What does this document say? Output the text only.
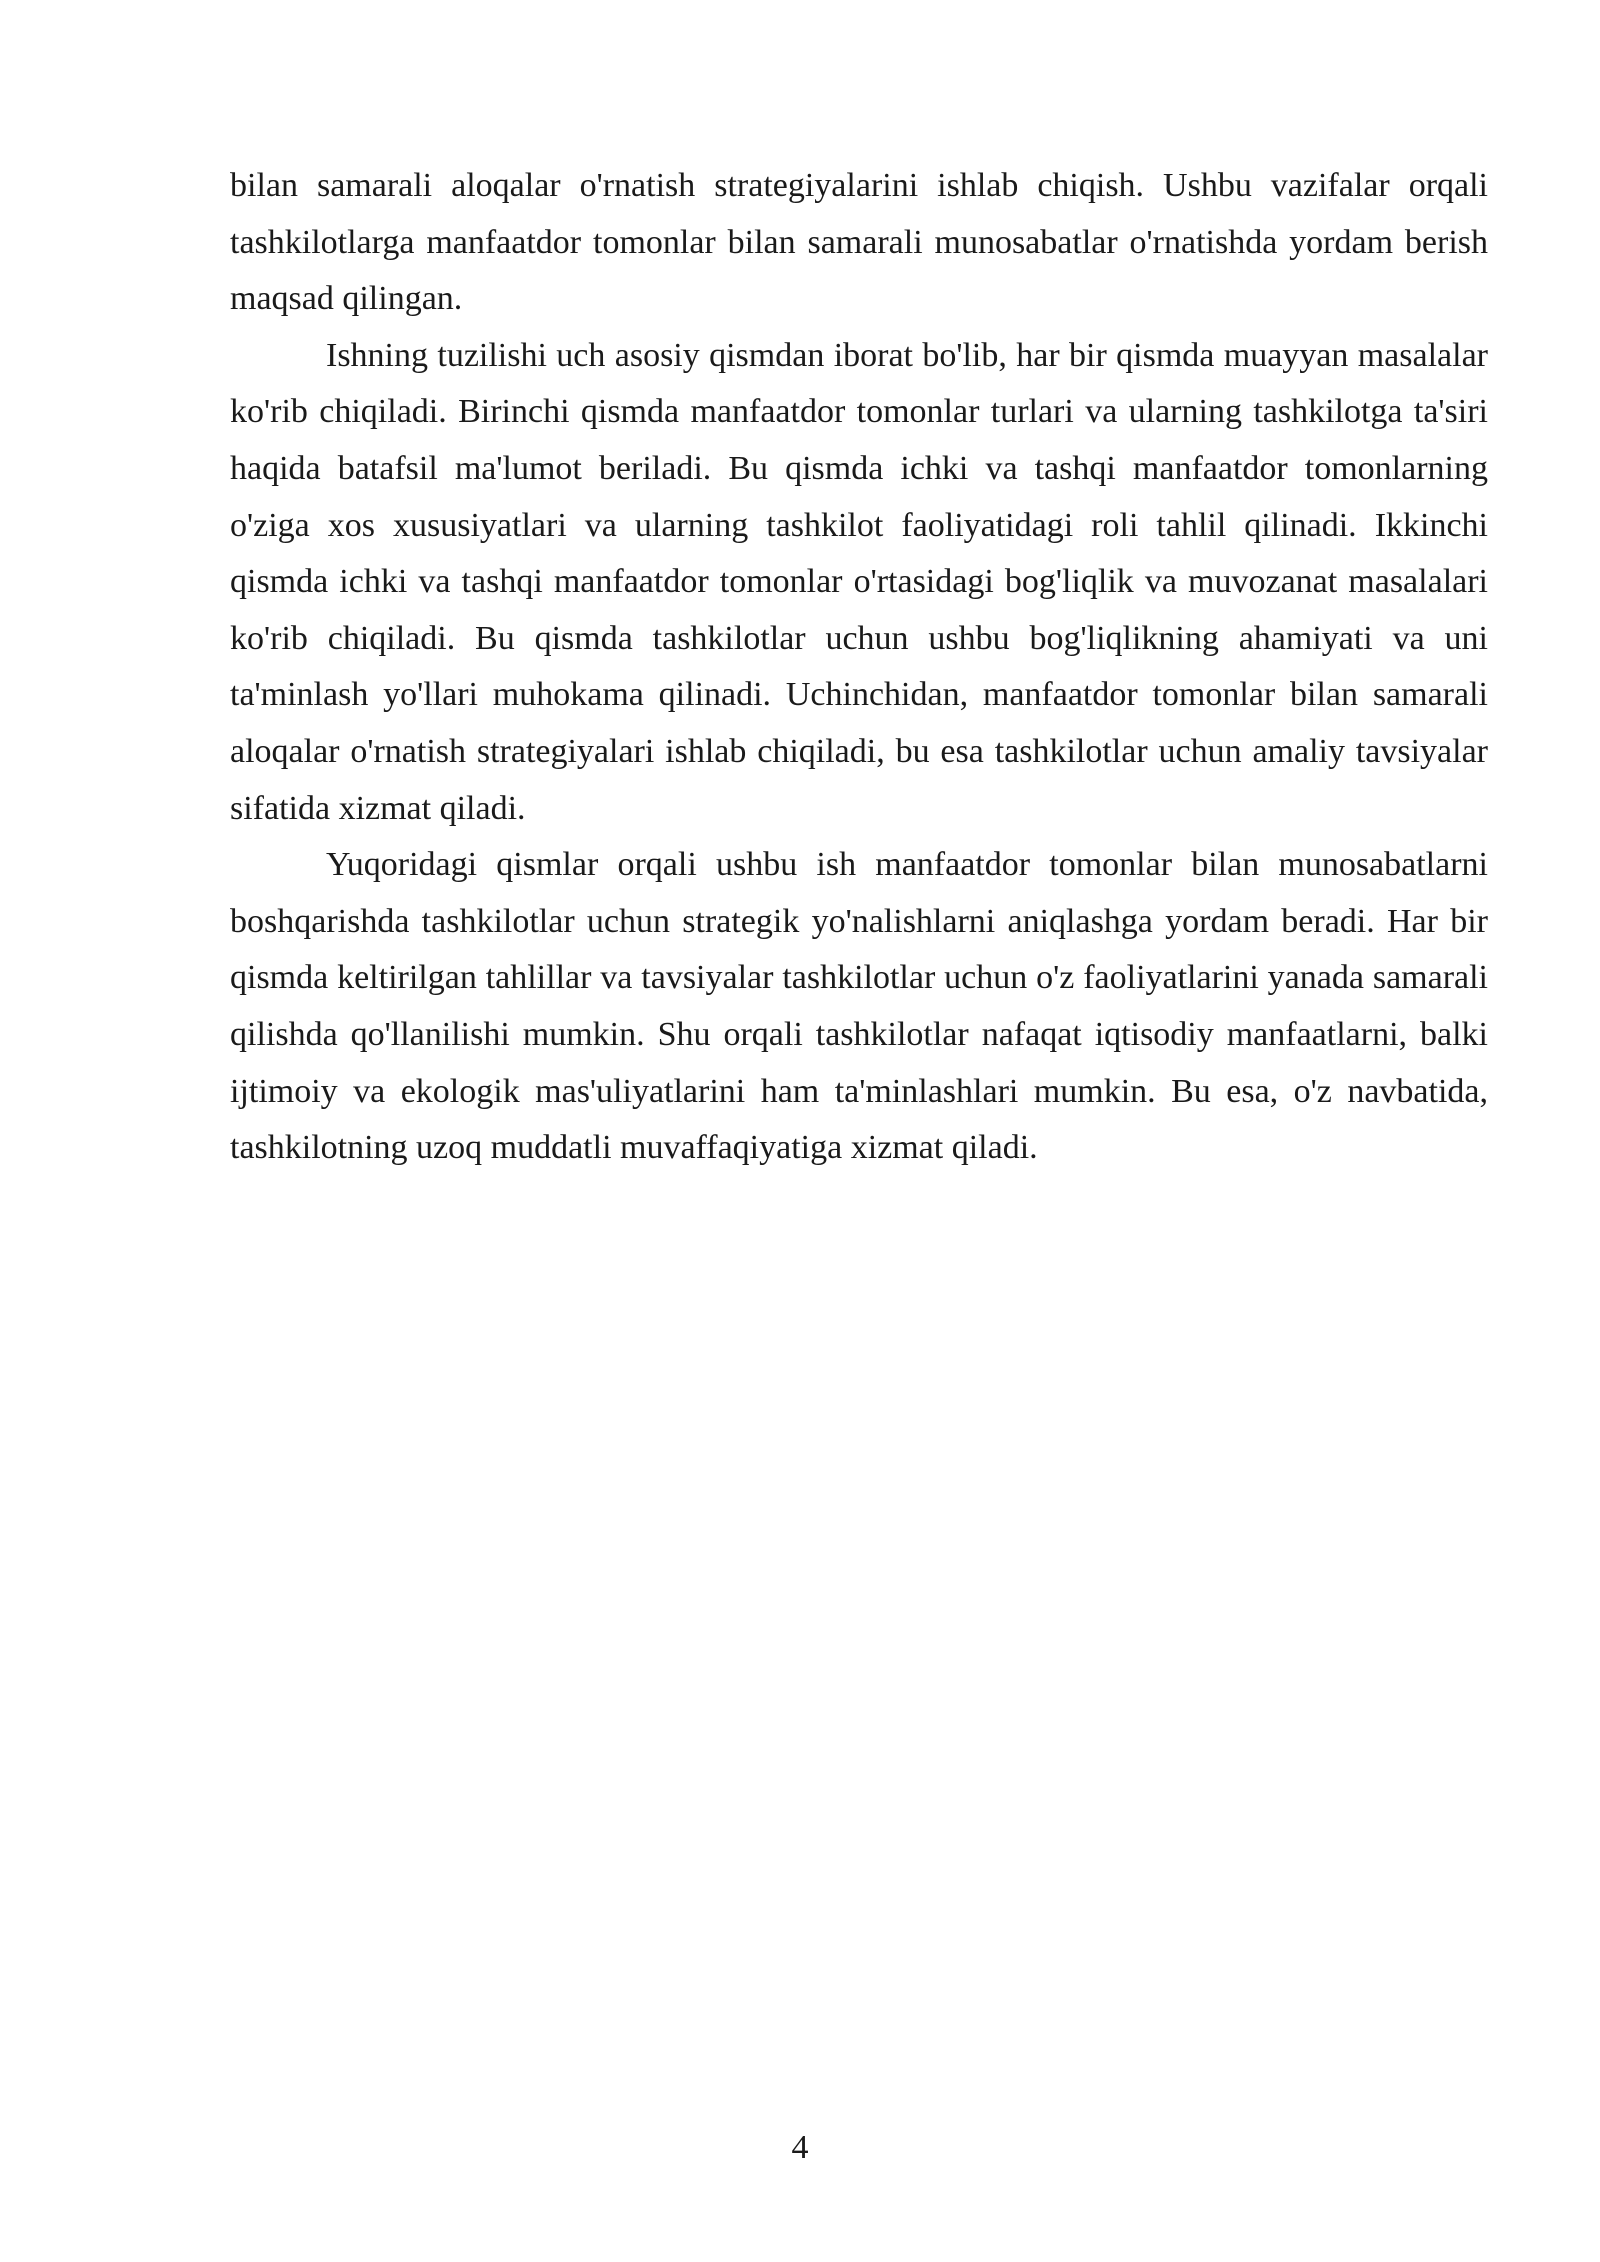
bilan samarali aloqalar o'rnatish strategiyalarini ishlab chiqish. Ushbu vazifalar orqali tashkilotlarga manfaatdor tomonlar bilan samarali munosabatlar o'rnatishda yordam berish maqsad qilingan.

Ishning tuzilishi uch asosiy qismdan iborat bo'lib, har bir qismda muayyan masalalar ko'rib chiqiladi. Birinchi qismda manfaatdor tomonlar turlari va ularning tashkilotga ta'siri haqida batafsil ma'lumot beriladi. Bu qismda ichki va tashqi manfaatdor tomonlarning o'ziga xos xususiyatlari va ularning tashkilot faoliyatidagi roli tahlil qilinadi. Ikkinchi qismda ichki va tashqi manfaatdor tomonlar o'rtasidagi bog'liqlik va muvozanat masalalari ko'rib chiqiladi. Bu qismda tashkilotlar uchun ushbu bog'liqlikning ahamiyati va uni ta'minlash yo'llari muhokama qilinadi. Uchinchidan, manfaatdor tomonlar bilan samarali aloqalar o'rnatish strategiyalari ishlab chiqiladi, bu esa tashkilotlar uchun amaliy tavsiyalar sifatida xizmat qiladi.

Yuqoridagi qismlar orqali ushbu ish manfaatdor tomonlar bilan munosabatlarni boshqarishda tashkilotlar uchun strategik yo'nalishlarni aniqlashga yordam beradi. Har bir qismda keltirilgan tahlillar va tavsiyalar tashkilotlar uchun o'z faoliyatlarini yanada samarali qilishda qo'llanilishi mumkin. Shu orqali tashkilotlar nafaqat iqtisodiy manfaatlarni, balki ijtimoiy va ekologik mas'uliyatlarini ham ta'minlashlari mumkin. Bu esa, o'z navbatida, tashkilotning uzoq muddatli muvaffaqiyatiga xizmat qiladi.

4
